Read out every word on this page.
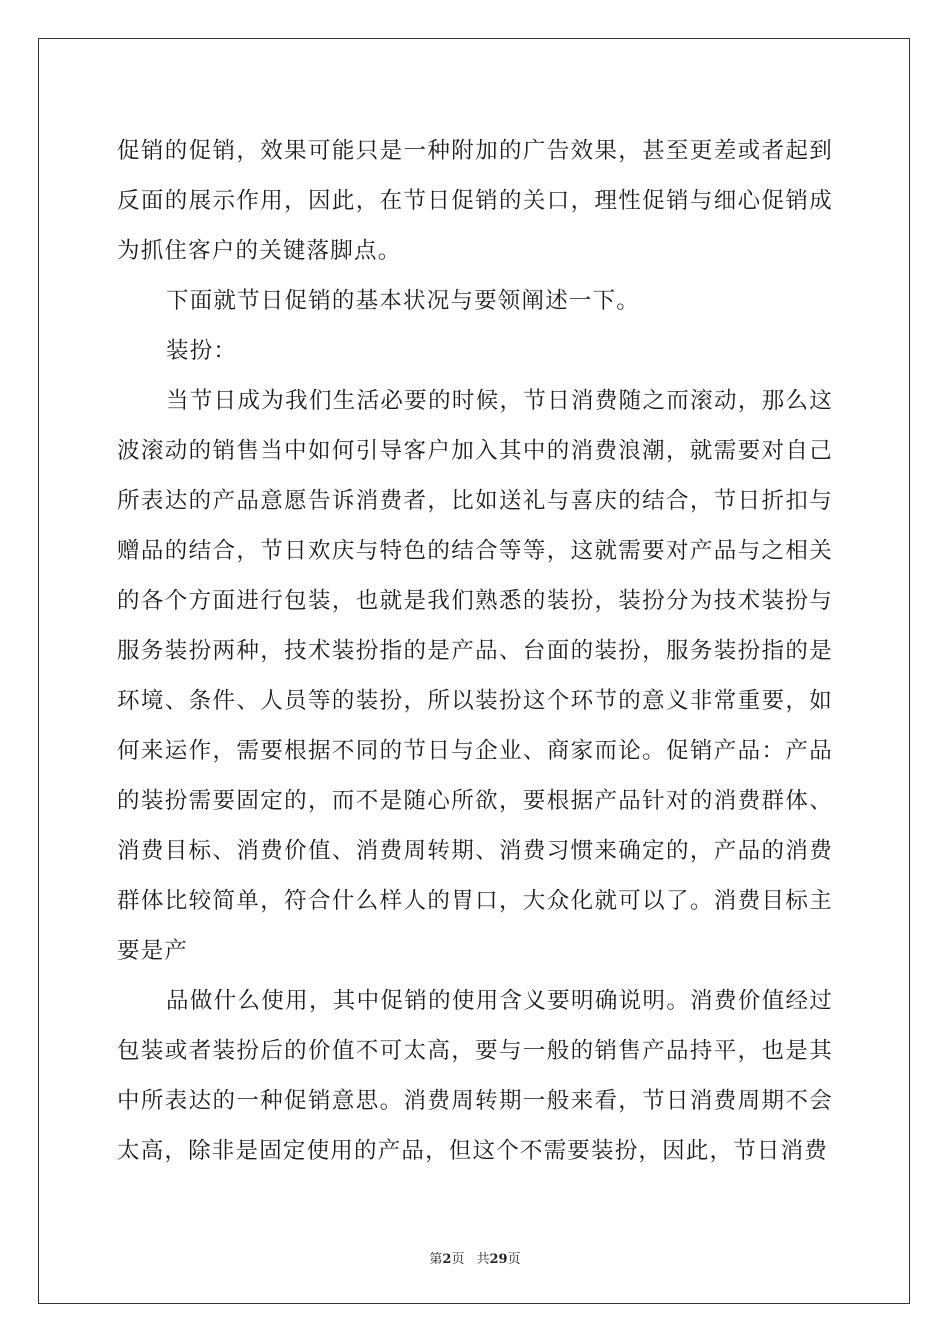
促销的促销，效果可能只是一种附加的广告效果，甚至更差或者起到反面的展示作用，因此，在节日促销的关口，理性促销与细心促销成为抓住客户的关键落脚点。

下面就节日促销的基本状况与要领阐述一下。

装扮：

当节日成为我们生活必要的时候，节日消费随之而滚动，那么这波滚动的销售当中如何引导客户加入其中的消费浪潮，就需要对自己所表达的产品意愿告诉消费者，比如送礼与喜庆的结合，节日折扣与赠品的结合，节日欢庆与特色的结合等等，这就需要对产品与之相关的各个方面进行包装，也就是我们熟悉的装扮，装扮分为技术装扮与服务装扮两种，技术装扮指的是产品、台面的装扮，服务装扮指的是环境、条件、人员等的装扮，所以装扮这个环节的意义非常重要，如何来运作，需要根据不同的节日与企业、商家而论。促销产品：产品的装扮需要固定的，而不是随心所欲，要根据产品针对的消费群体、消费目标、消费价值、消费周转期、消费习惯来确定的，产品的消费群体比较简单，符合什么样人的胃口，大众化就可以了。消费目标主要是产

品做什么使用，其中促销的使用含义要明确说明。消费价值经过包装或者装扮后的价值不可太高，要与一般的销售产品持平，也是其中所表达的一种促销意思。消费周转期一般来看，节日消费周期不会太高，除非是固定使用的产品，但这个不需要装扮，因此，节日消费

第2页 共29页
